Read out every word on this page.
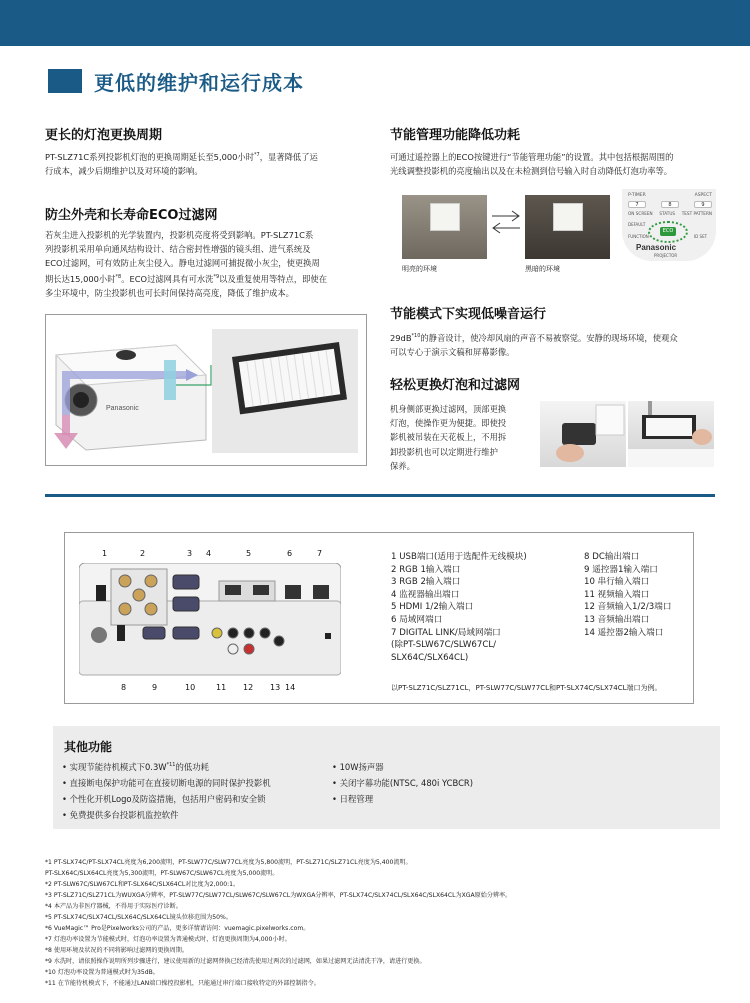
更低的维护和运行成本
更长的灯泡更换周期
PT-SLZ71C系列投影机灯泡的更换周期延长至5,000小时$^{*7}$，显著降低了运
行成本，减少后期维护以及对环境的影响。
防尘外壳和长寿命ECO过滤网
若灰尘进入投影机的光学装置内，投影机亮度将受到影响。PT-SLZ71C系
列投影机采用单向通风结构设计、结合密封性增强的镜头组、进气系统及
ECO过滤网，可有效防止灰尘侵入。静电过滤网可捕捉微小灰尘，使更换周
期长达15,000小时$^{*8}$。ECO过滤网具有可水洗$^{*9}$以及重复使用等特点，即使在
多尘环境中，防尘投影机也可长时间保持高亮度，降低了维护成本。
Panasonic
节能管理功能降低功耗
可通过遥控器上的ECO按键进行“节能管理功能”的设置。其中包括根据周围的
光线调整投影机的亮度输出以及在未检测到信号输入时自动降低灯泡功率等。
明亮的环境	黑暗的环境
P-TIMER	ASPECT
7	8	9
ON SCREEN STATUS TEST PATTERN
ECO
DEFAULT
FUNCTION	ID SET
Panasonic
PROJECTOR
节能模式下实现低噪音运行
$29dB^{*10}$的静音设计，使冷却风扇的声音不易被察觉。安静的现场环境，使观众
可以专心于演示文稿和屏幕影像。
轻松更换灯泡和过滤网
机身侧部更换过滤网，顶部更换
灯泡，使操作更为便捷。即使投
影机被吊装在天花板上，不用拆
卸投影机也可以定期进行维护
保养。
1	2	3 4	5	6	7
8	9	10	11 12 13 14
1 USB端口(适用于选配件无线模块)
2 RGB 1输入端口
3 RGB 2输入端口
4 监视器输出端口
5 HDMI 1/2输入端口
6 局域网端口
7 DIGITAL LINK/局域网端口
(除PT-SLW67C/SLW67CL/
SLX64C/SLX64CL)
8 DC输出端口
9 遥控器1输入端口
10 串行输入端口
11 视频输入端口
12 音频输入1/2/3端口
13 音频输出端口
14 遥控器2输入端口
以PT-SLZ71C/SLZ71CL，PT-SLW77C/SLW77CL和PT-SLX74C/SLX74CL端口为例。
其他功能
• 实现节能待机模式下$0.3W^{*11}$的低功耗
• 直接断电保护功能可在直接切断电源的同时保护投影机
• 个性化开机Logo及防盗措施，包括用户密码和安全锁
• 免费提供多台投影机监控软件
• 10W扬声器
• 关闭字幕功能(NTSC, 480i YCBCR)
• 日程管理
*1 PT-SLX74C/PT-SLX74CL亮度为6,200流明，PT-SLW77C/SLW77CL亮度为5,800流明，PT-SLZ71C/SLZ71CL亮度为5,400流明。
PT-SLX64C/SLX64CL亮度为5,300流明，PT-SLW67C/SLW67CL亮度为5,000流明。
*2 PT-SLW67C/SLW67CL和PT-SLX64C/SLX64CL对比度为2,000:1。
*3 PT-SLZ71C/SLZ71CL为WUXGA分辨率，PT-SLW77C/SLW77CL/SLW67C/SLW67CL为WXGA分辨率，PT-SLX74C/SLX74CL/SLX64C/SLX64CL为XGA原始分辨率。
*4 本产品为非医疗器械，不得用于实际医疗诊断。
*5 PT-SLX74C/SLX74CL/SLX64C/SLX64CL镜头位移范围为50%。
*6 VueMagic™ Pro是Pixelworks公司的产品，更多详情请访问：vuemagic.pixelworks.com。
*7 灯泡功率设置为节能模式时，灯泡功率设置为普通模式时，灯泡更换周期为4,000小时。
*8 使用环境及状况的不同将影响过滤网的更换周期。
*9 水洗时，请依照操作说明所列步骤进行，建议使用新的过滤网替换已经清洗使用过两次的过滤网，如果过滤网无法清洗干净，请进行更换。
*10 灯泡功率设置为普通模式时为35dB。
*11 在节能待机模式下，不能通过LAN端口操控投影机，只能通过串行端口接收特定的外部控制指令。
